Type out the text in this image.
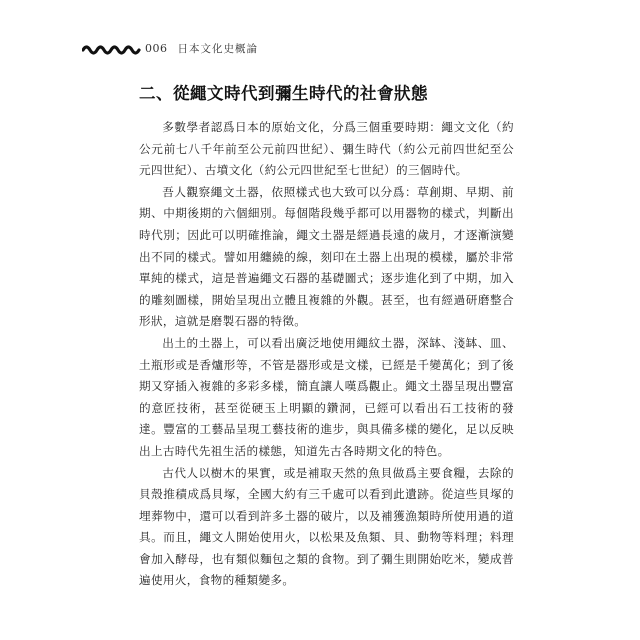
006 日本文化史概論
二、從繩文時代到彌生時代的社會狀態

多數學者認爲日本的原始文化，分爲三個重要時期：繩文文化（約公元前七八千年前至公元前四世紀）、彌生時代（約公元前四世紀至公元四世紀）、古墳文化（約公元四世紀至七世紀）的三個時代。

吾人觀察繩文土器，依照樣式也大致可以分爲：草創期、早期、前期、中期後期的六個細別。每個階段幾乎都可以用器物的樣式，判斷出時代別；因此可以明確推論，繩文土器是經過長遠的歲月，才逐漸演變出不同的樣式。譬如用纏繞的線，刻印在土器上出現的模樣，屬於非常單純的樣式，這是普遍繩文石器的基礎圖式；逐步進化到了中期，加入的雕刻圖樣，開始呈現出立體且複雜的外觀。甚至，也有經過研磨整合形狀，這就是磨製石器的特徵。

出土的土器上，可以看出廣泛地使用繩紋土器，深缽、淺缽、皿、土瓶形或是香爐形等，不管是器形或是文樣，已經是千變萬化；到了後期又穿插入複雜的多彩多樣，簡直讓人嘆爲觀止。繩文土器呈現出豐富的意匠技術，甚至從硬玉上明顯的鑽洞，已經可以看出石工技術的發達。豐富的工藝品呈現工藝技術的進步，與具備多樣的變化，足以反映出上古時代先祖生活的樣態，知道先古各時期文化的特色。

古代人以樹木的果實，或是補取天然的魚貝做爲主要食糧，去除的貝殼推積成爲貝塚，全國大約有三千處可以看到此遺跡。從這些貝塚的埋葬物中，還可以看到許多土器的破片，以及補獲漁類時所使用過的道具。而且，繩文人開始使用火，以松果及魚類、貝、動物等料理；料理會加入酵母，也有類似麵包之類的食物。到了彌生則開始吃米，變成普遍使用火，食物的種類變多。
